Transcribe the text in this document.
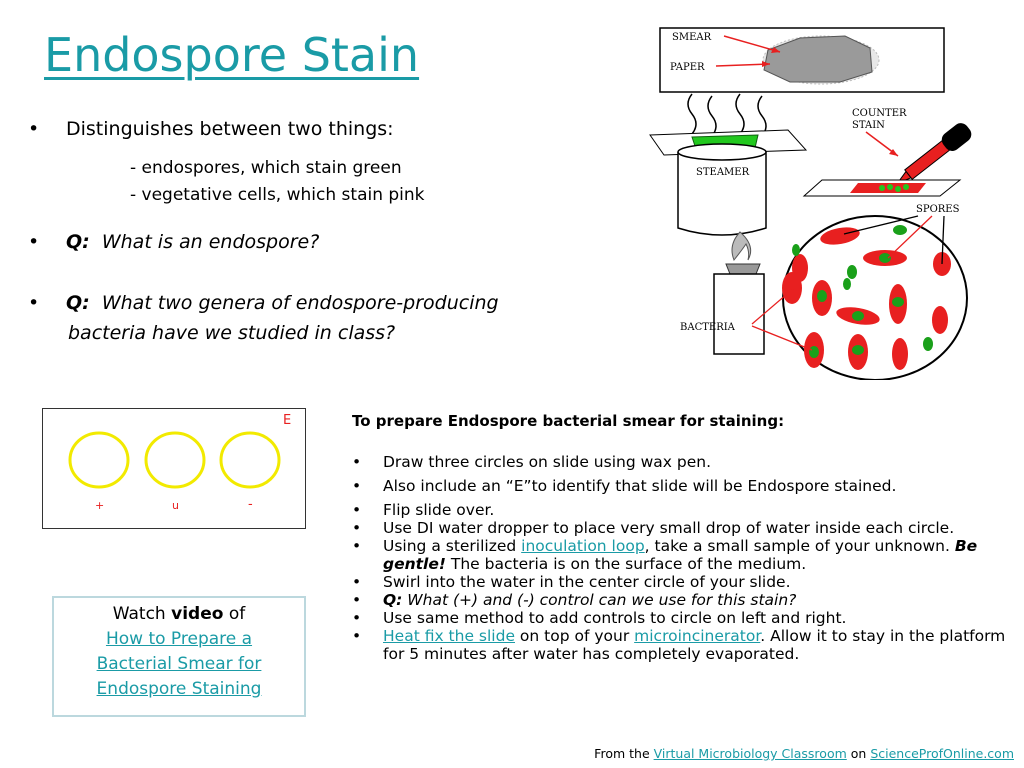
Endospore Stain
• Distinguishes between two things:
- endospores, which stain green
- vegetative cells, which stain pink
• Q: What is an endospore?
• Q: What two genera of endospore-producing
bacteria have we studied in class?
SMEAR
PAPER
STEAMER
COUNTER
STAIN
SPORES
BACTERIA
E
+	u	-
To prepare Endospore bacterial smear for staining:
• Draw three circles on slide using wax pen.
• Also include an “E”to identify that slide will be Endospore stained.
• Flip slide over.
• Use DI water dropper to place very small drop of water inside each circle.
• Using a sterilized inoculation loop, take a small sample of your unknown. Be gentle! The bacteria is on the surface of the medium.
• Swirl into the water in the center circle of your slide.
• Q: What (+) and (-) control can we use for this stain?
• Use same method to add controls to circle on left and right.
• Heat fix the slide on top of your microincinerator. Allow it to stay in the platform for 5 minutes after water has completely evaporated.
Watch video of
How to Prepare a
Bacterial Smear for
Endospore Staining
From the Virtual Microbiology Classroom on ScienceProfOnline.com
